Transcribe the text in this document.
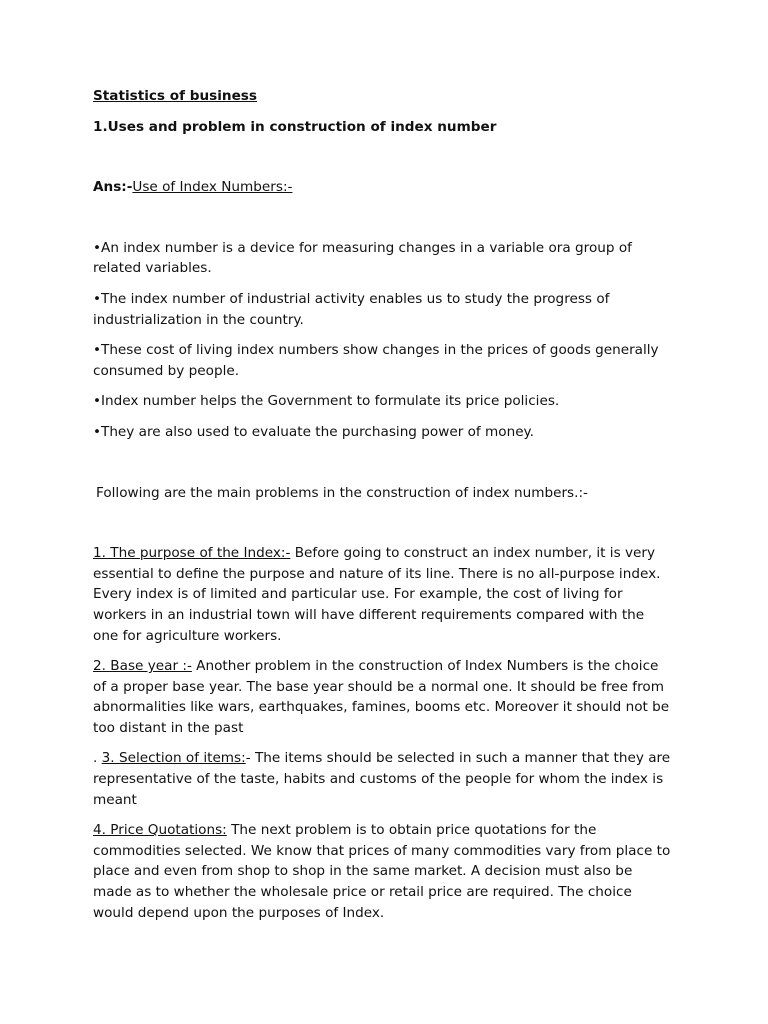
Statistics of business

1.Uses and problem in construction of index number

Ans:-Use of Index Numbers:-

•An index number is a device for measuring changes in a variable ora group of related variables.

•The index number of industrial activity enables us to study the progress of industrialization in the country.

•These cost of living index numbers show changes in the prices of goods generally consumed by people.

•Index number helps the Government to formulate its price policies.

•They are also used to evaluate the purchasing power of money.

Following are the main problems in the construction of index numbers.:-

1. The purpose of the Index:- Before going to construct an index number, it is very essential to define the purpose and nature of its line. There is no all-purpose index. Every index is of limited and particular use. For example, the cost of living for workers in an industrial town will have different requirements compared with the one for agriculture workers.

2. Base year :- Another problem in the construction of Index Numbers is the choice of a proper base year. The base year should be a normal one. It should be free from abnormalities like wars, earthquakes, famines, booms etc. Moreover it should not be too distant in the past

. 3. Selection of items:- The items should be selected in such a manner that they are representative of the taste, habits and customs of the people for whom the index is meant

4. Price Quotations: The next problem is to obtain price quotations for the commodities selected. We know that prices of many commodities vary from place to place and even from shop to shop in the same market. A decision must also be made as to whether the wholesale price or retail price are required. The choice would depend upon the purposes of Index.
